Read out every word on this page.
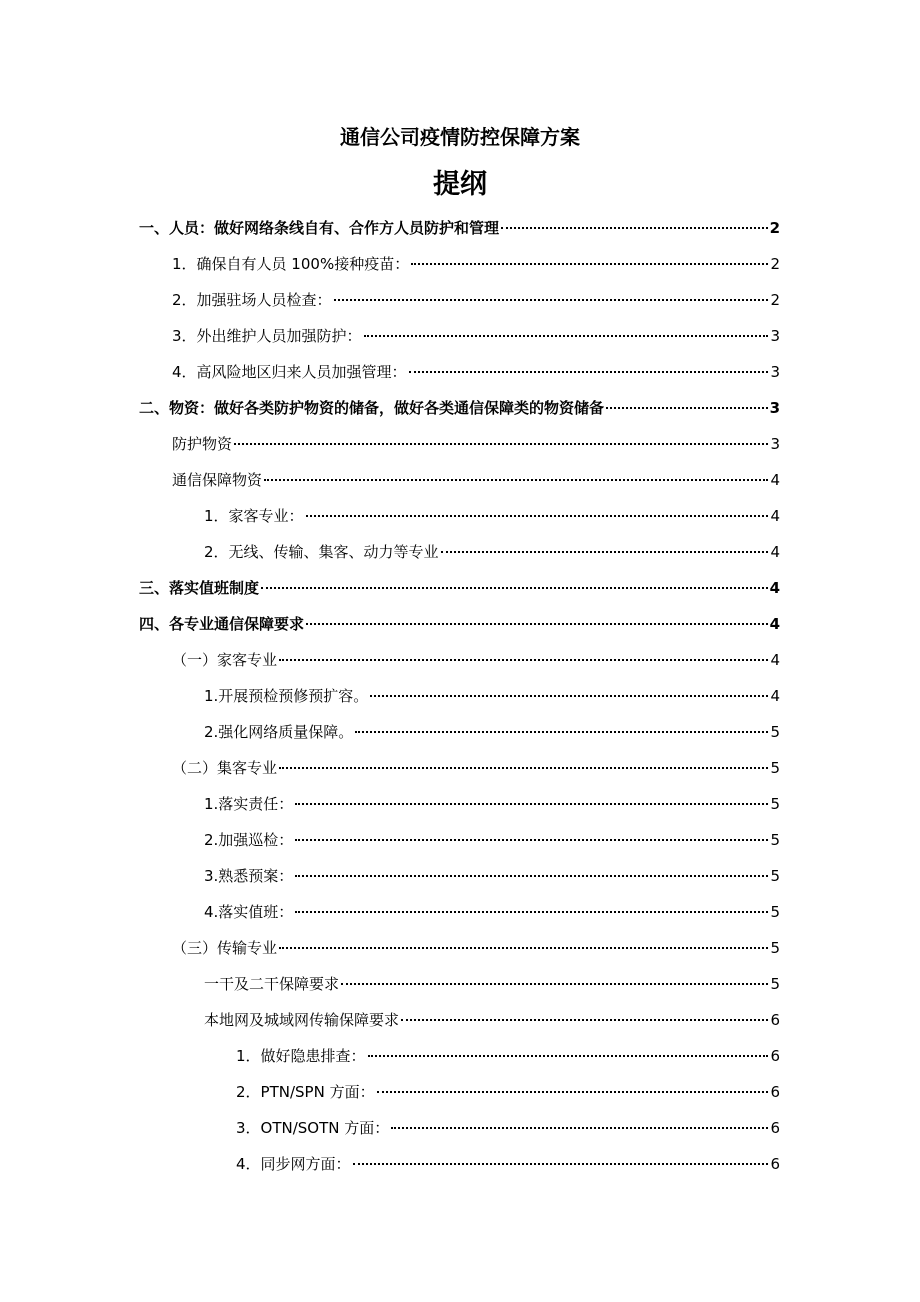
通信公司疫情防控保障方案
提纲
一、人员：做好网络条线自有、合作方人员防护和管理	2
1．确保自有人员 100%接种疫苗：	2
2．加强驻场人员检查：	2
3．外出维护人员加强防护：	3
4．高风险地区归来人员加强管理：	3
二、物资：做好各类防护物资的储备，做好各类通信保障类的物资储备	3
防护物资	3
通信保障物资	4
1．家客专业：	4
2．无线、传输、集客、动力等专业	4
三、落实值班制度	4
四、各专业通信保障要求	4
（一）家客专业	4
1.开展预检预修预扩容。	4
2.强化网络质量保障。	5
（二）集客专业	5
1.落实责任：	5
2.加强巡检：	5
3.熟悉预案：	5
4.落实值班：	5
（三）传输专业	5
一干及二干保障要求	5
本地网及城域网传输保障要求	6
1．做好隐患排查：	6
2．PTN/SPN 方面：	6
3．OTN/SOTN 方面：	6
4．同步网方面：	6
